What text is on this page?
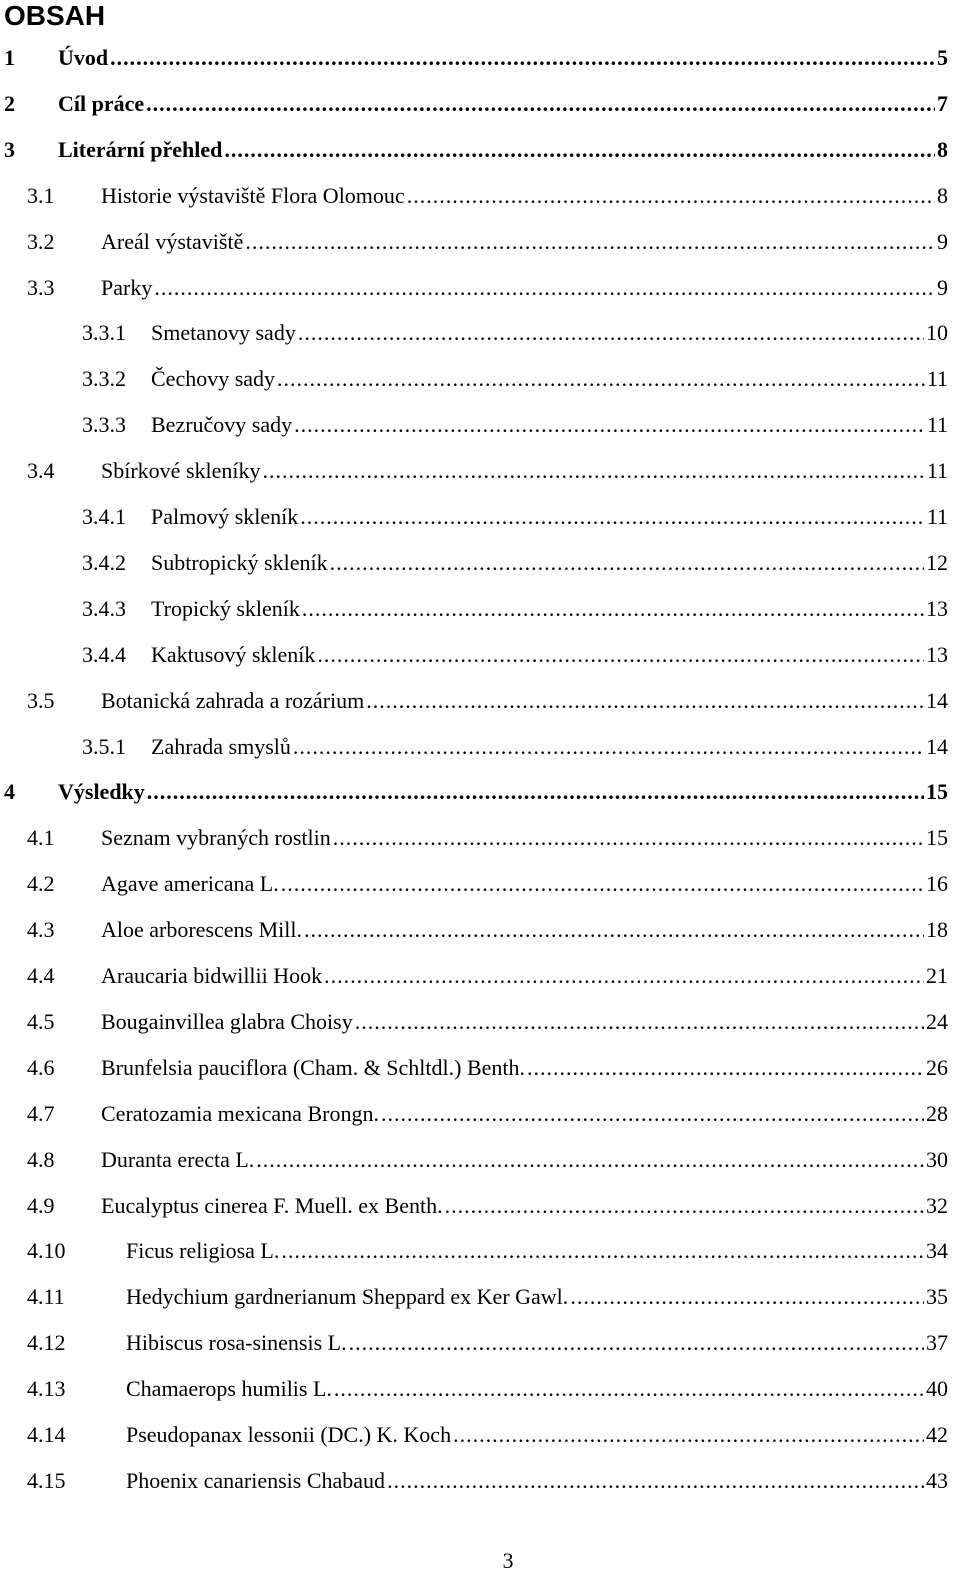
OBSAH
1 Úvod .....	5
2 Cíl práce .....	7
3 Literární přehled .....	8
3.1 Historie výstaviště Flora Olomouc .....	8
3.2 Areál výstaviště .....	9
3.3 Parky .....	9
3.3.1 Smetanovy sady .....	10
3.3.2 Čechovy sady .....	11
3.3.3 Bezručovy sady .....	11
3.4 Sbírkové skleníky .....	11
3.4.1 Palmový skleník .....	11
3.4.2 Subtropický skleník .....	12
3.4.3 Tropický skleník .....	13
3.4.4 Kaktusový skleník .....	13
3.5 Botanická zahrada a rozárium .....	14
3.5.1 Zahrada smyslů .....	14
4 Výsledky .....	15
4.1 Seznam vybraných rostlin .....	15
4.2 Agave americana L. .....	16
4.3 Aloe arborescens Mill. .....	18
4.4 Araucaria bidwillii Hook .....	21
4.5 Bougainvillea glabra Choisy .....	24
4.6 Brunfelsia pauciflora (Cham. & Schltdl.) Benth. .....	26
4.7 Ceratozamia mexicana Brongn. .....	28
4.8 Duranta erecta L. .....	30
4.9 Eucalyptus cinerea F. Muell. ex Benth. .....	32
4.10	Ficus religiosa L. .....	34
4.11	Hedychium gardnerianum Sheppard ex Ker Gawl. .....	35
4.12	Hibiscus rosa-sinensis L. .....	37
4.13	Chamaerops humilis L. .....	40
4.14	Pseudopanax lessonii (DC.) K. Koch .....	42
4.15	Phoenix canariensis Chabaud .....	43
3
